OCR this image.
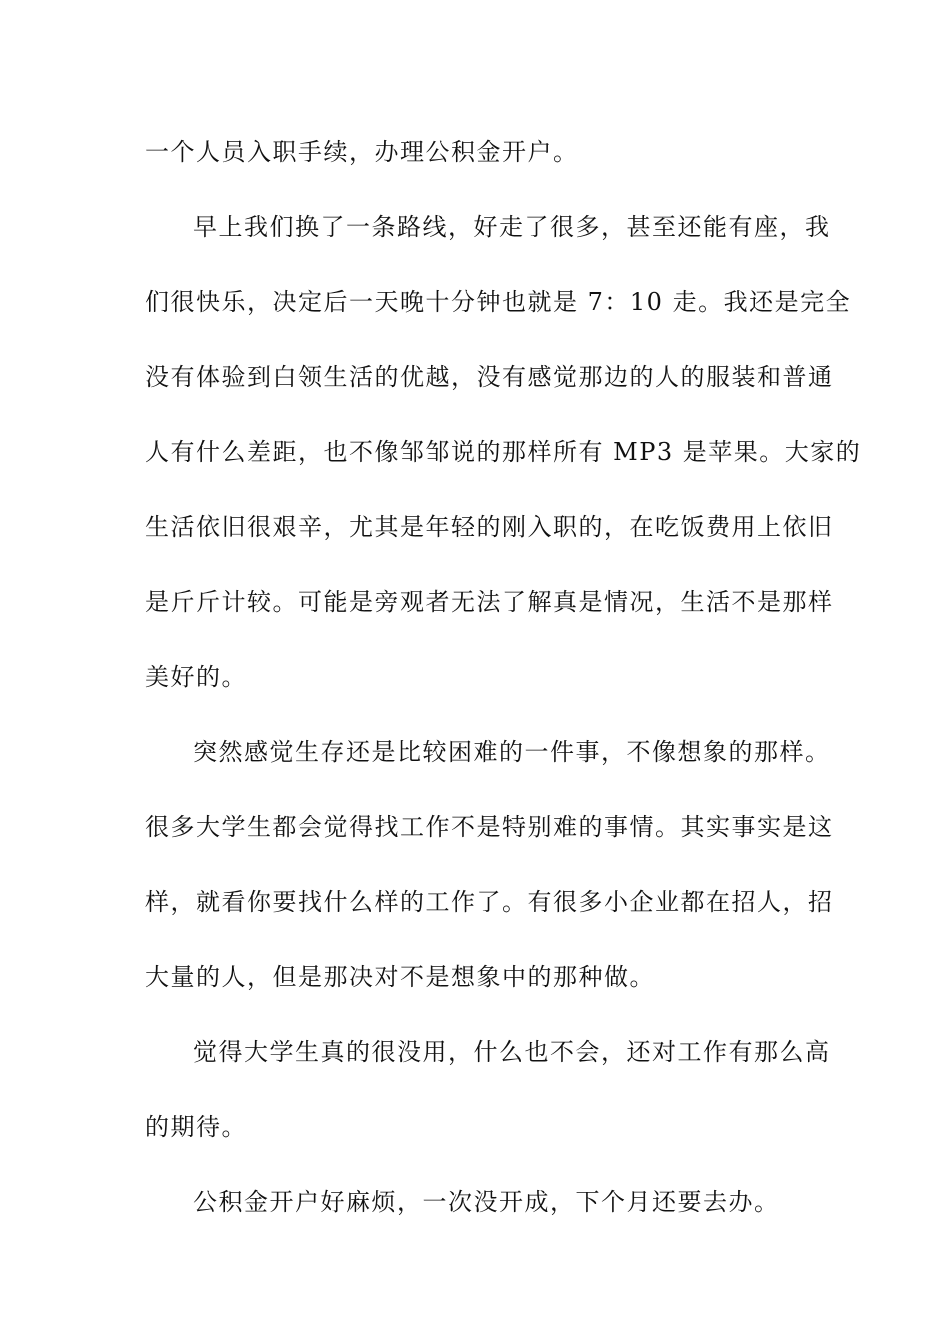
一个人员入职手续，办理公积金开户。
早上我们换了一条路线，好走了很多，甚至还能有座，我
们很快乐，决定后一天晚十分钟也就是 7：10 走。我还是完全
没有体验到白领生活的优越，没有感觉那边的人的服装和普通
人有什么差距，也不像邹邹说的那样所有 MP3 是苹果。大家的
生活依旧很艰辛，尤其是年轻的刚入职的，在吃饭费用上依旧
是斤斤计较。可能是旁观者无法了解真是情况，生活不是那样
美好的。
突然感觉生存还是比较困难的一件事，不像想象的那样。
很多大学生都会觉得找工作不是特别难的事情。其实事实是这
样，就看你要找什么样的工作了。有很多小企业都在招人，招
大量的人，但是那决对不是想象中的那种做。
觉得大学生真的很没用，什么也不会，还对工作有那么高
的期待。
公积金开户好麻烦，一次没开成，下个月还要去办。
